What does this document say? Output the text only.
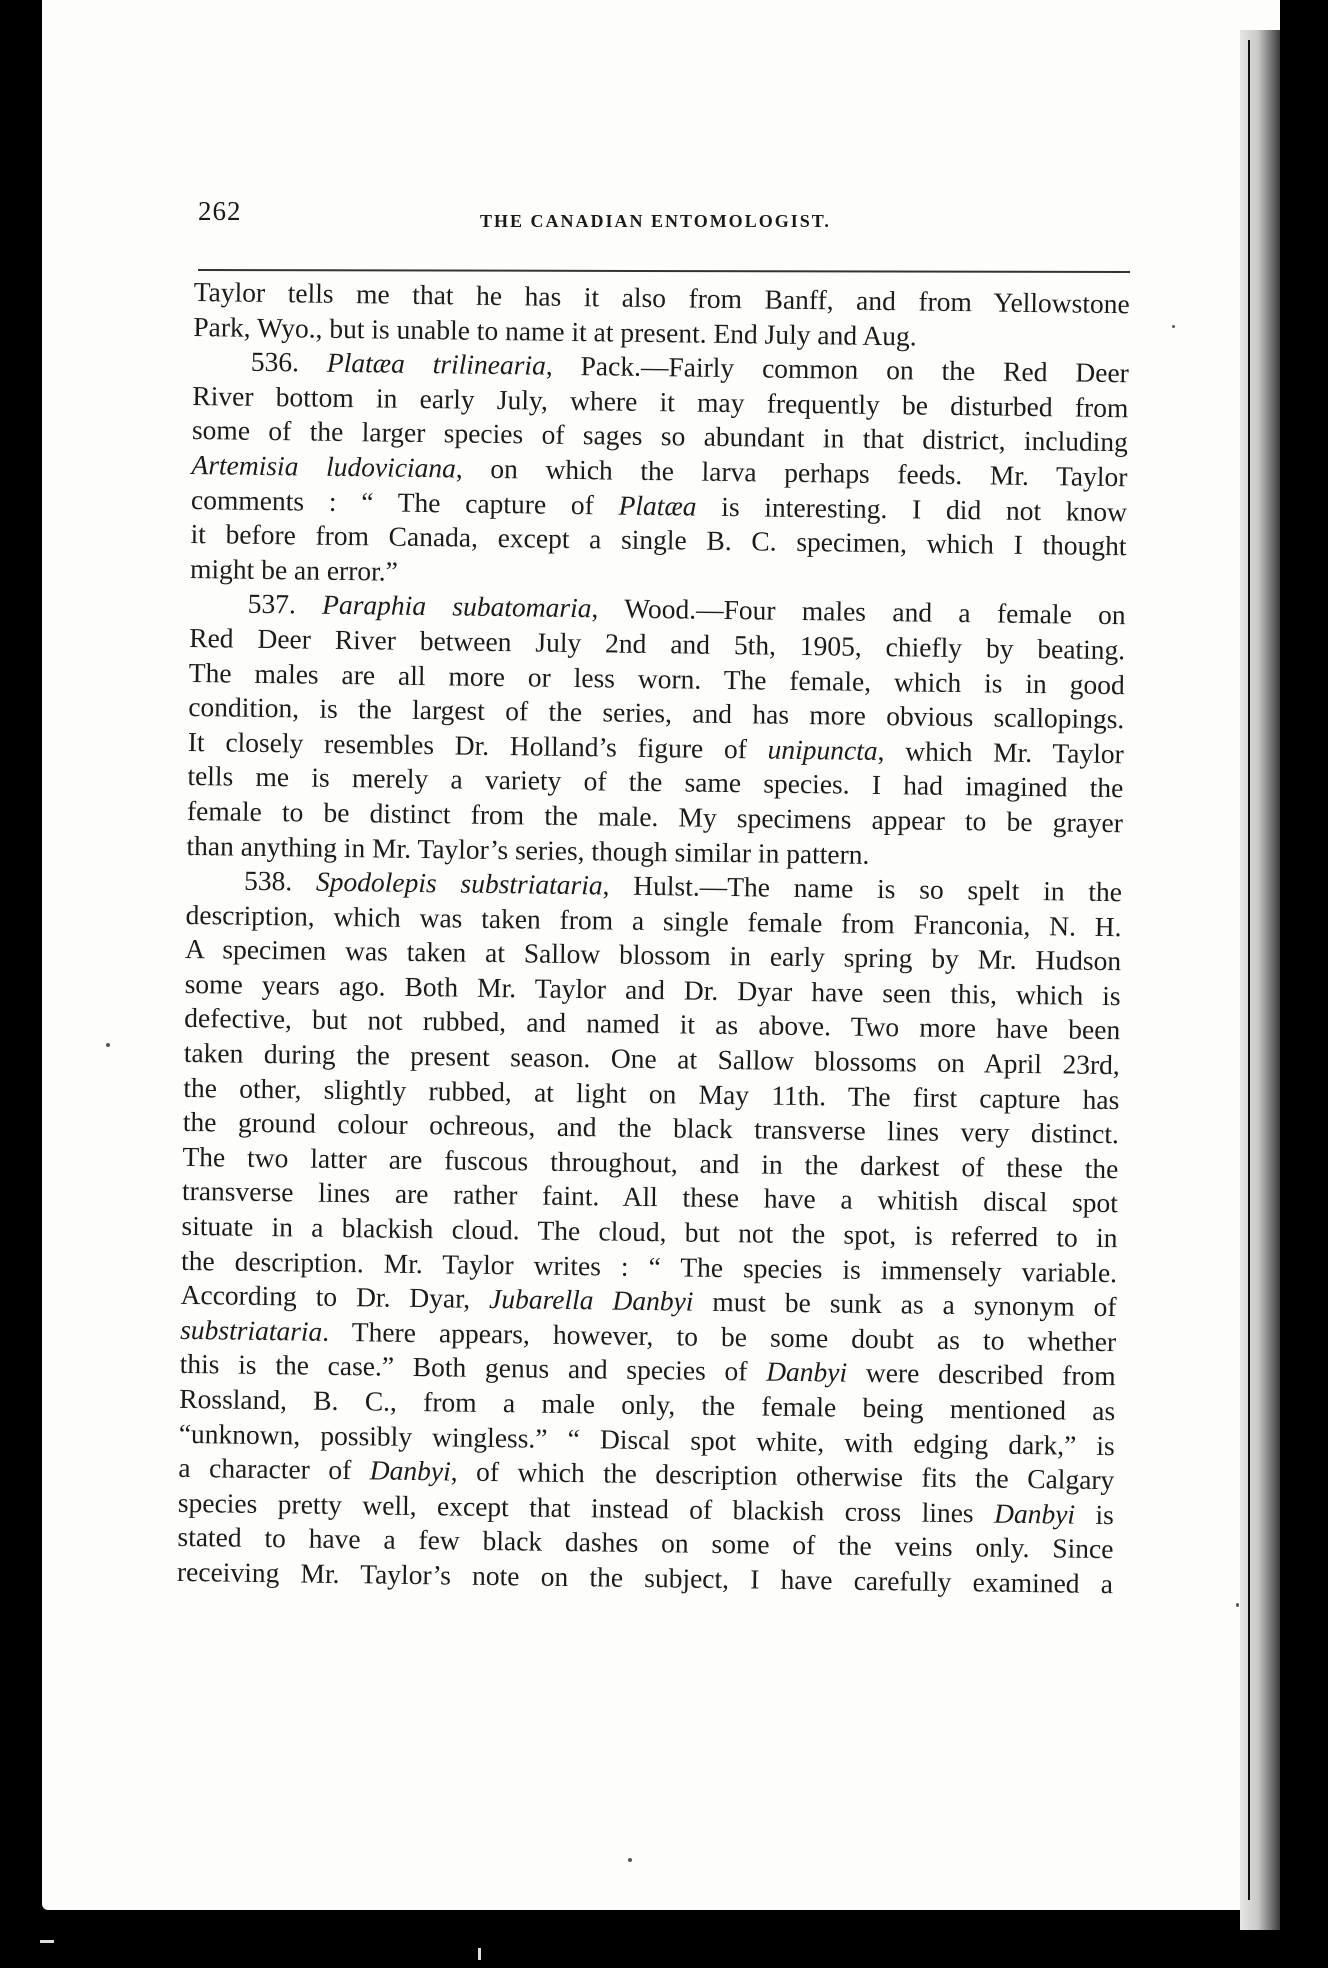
262	THE CANADIAN ENTOMOLOGIST.
Taylor tells me that he has it also from Banff, and from Yellowstone
Park, Wyo., but is unable to name it at present. End July and Aug.
536. Platæa trilinearia, Pack.—Fairly common on the Red Deer
River bottom in early July, where it may frequently be disturbed from
some of the larger species of sages so abundant in that district, including
Artemisia ludoviciana, on which the larva perhaps feeds. Mr. Taylor
comments : “ The capture of Platæa is interesting. I did not know
it before from Canada, except a single B. C. specimen, which I thought
might be an error.”
537. Paraphia subatomaria, Wood.—Four males and a female on
Red Deer River between July 2nd and 5th, 1905, chiefly by beating.
The males are all more or less worn. The female, which is in good
condition, is the largest of the series, and has more obvious scallopings.
It closely resembles Dr. Holland’s figure of unipuncta, which Mr. Taylor
tells me is merely a variety of the same species. I had imagined the
female to be distinct from the male. My specimens appear to be grayer
than anything in Mr. Taylor’s series, though similar in pattern.
538. Spodolepis substriataria, Hulst.—The name is so spelt in the
description, which was taken from a single female from Franconia, N. H.
A specimen was taken at Sallow blossom in early spring by Mr. Hudson
some years ago. Both Mr. Taylor and Dr. Dyar have seen this, which is
defective, but not rubbed, and named it as above. Two more have been
taken during the present season. One at Sallow blossoms on April 23rd,
the other, slightly rubbed, at light on May 11th. The first capture has
the ground colour ochreous, and the black transverse lines very distinct.
The two latter are fuscous throughout, and in the darkest of these the
transverse lines are rather faint. All these have a whitish discal spot
situate in a blackish cloud. The cloud, but not the spot, is referred to in
the description. Mr. Taylor writes : “ The species is immensely variable.
According to Dr. Dyar, Jubarella Danbyi must be sunk as a synonym of
substriataria. There appears, however, to be some doubt as to whether
this is the case.” Both genus and species of Danbyi were described from
Rossland, B. C., from a male only, the female being mentioned as
“unknown, possibly wingless.” “ Discal spot white, with edging dark,” is
a character of Danbyi, of which the description otherwise fits the Calgary
species pretty well, except that instead of blackish cross lines Danbyi is
stated to have a few black dashes on some of the veins only. Since
receiving Mr. Taylor’s note on the subject, I have carefully examined a
